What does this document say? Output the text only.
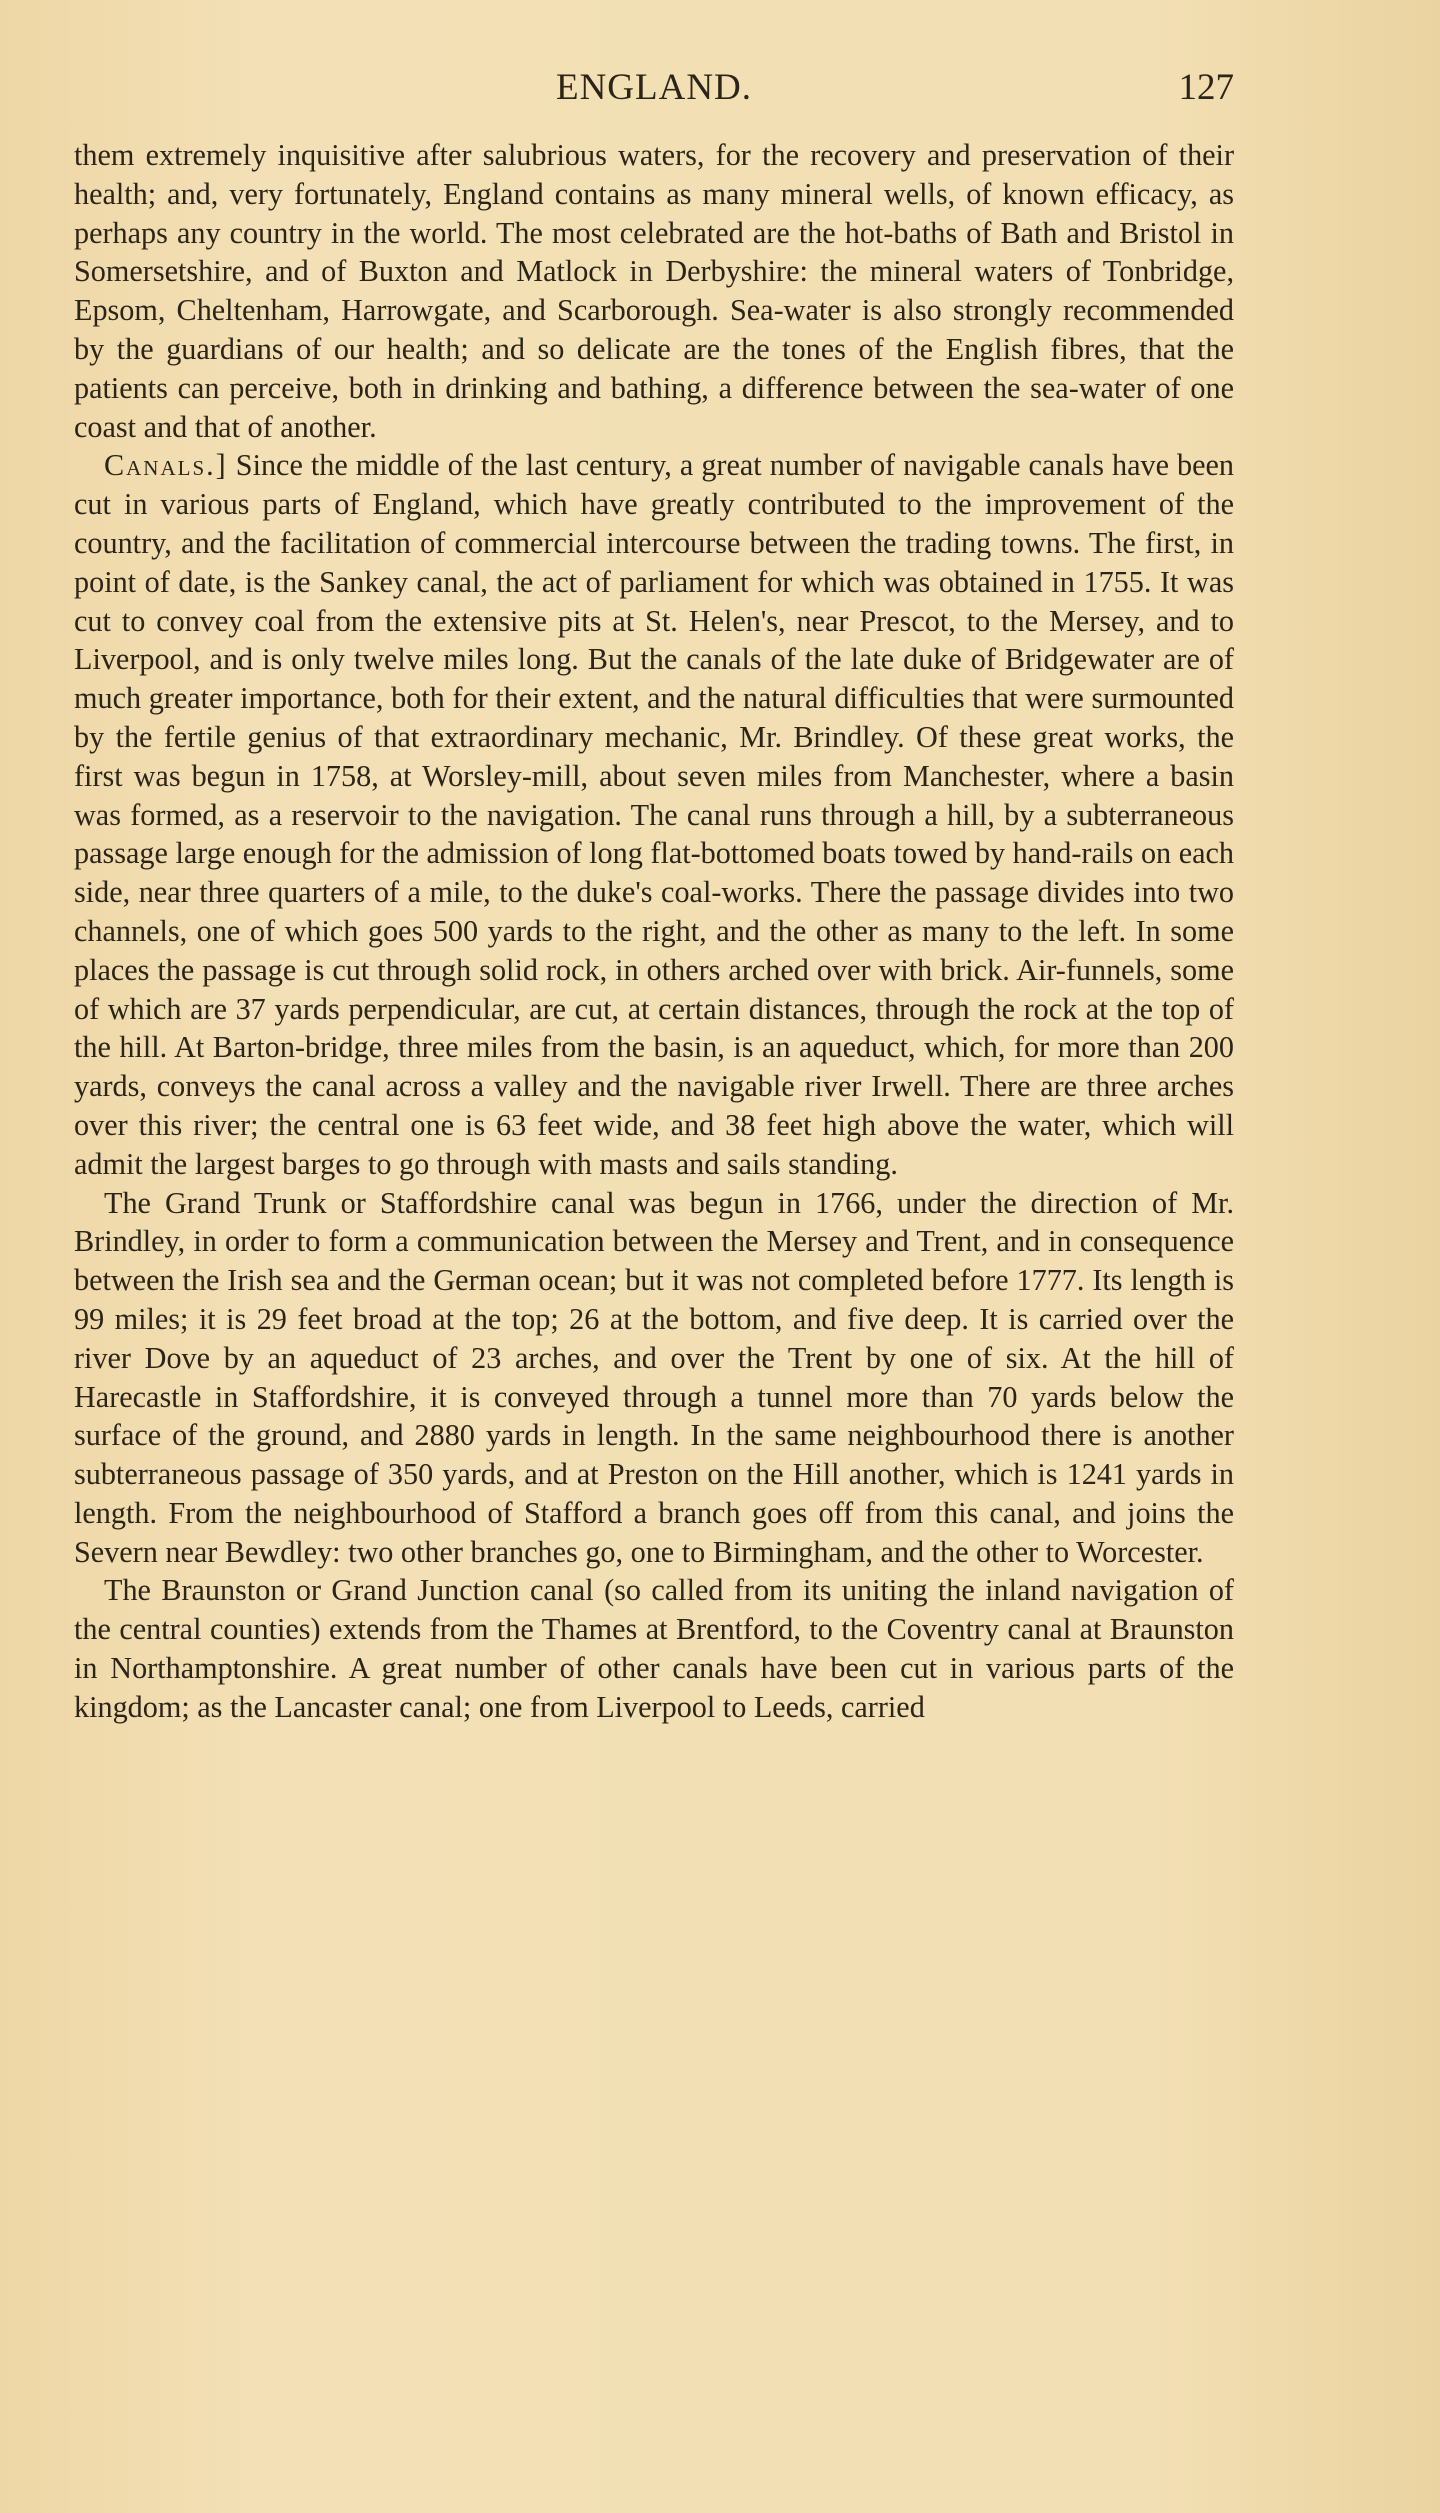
ENGLAND.	127

them extremely inquisitive after salubrious waters, for the recovery and preservation of their health; and, very fortunately, England contains as many mineral wells, of known efficacy, as perhaps any country in the world. The most celebrated are the hot-baths of Bath and Bristol in Somersetshire, and of Buxton and Matlock in Derbyshire: the mineral waters of Tonbridge, Epsom, Cheltenham, Harrowgate, and Scarborough. Sea-water is also strongly recommended by the guardians of our health; and so delicate are the tones of the English fibres, that the patients can perceive, both in drinking and bathing, a difference between the sea-water of one coast and that of another.

Canals.] Since the middle of the last century, a great number of navigable canals have been cut in various parts of England, which have greatly contributed to the improvement of the country, and the facilitation of commercial intercourse between the trading towns. The first, in point of date, is the Sankey canal, the act of parliament for which was obtained in 1755. It was cut to convey coal from the extensive pits at St. Helen's, near Prescot, to the Mersey, and to Liverpool, and is only twelve miles long. But the canals of the late duke of Bridgewater are of much greater importance, both for their extent, and the natural difficulties that were surmounted by the fertile genius of that extraordinary mechanic, Mr. Brindley. Of these great works, the first was begun in 1758, at Worsley-mill, about seven miles from Manchester, where a basin was formed, as a reservoir to the navigation. The canal runs through a hill, by a subterraneous passage large enough for the admission of long flat-bottomed boats towed by hand-rails on each side, near three quarters of a mile, to the duke's coal-works. There the passage divides into two channels, one of which goes 500 yards to the right, and the other as many to the left. In some places the passage is cut through solid rock, in others arched over with brick. Air-funnels, some of which are 37 yards perpendicular, are cut, at certain distances, through the rock at the top of the hill. At Barton-bridge, three miles from the basin, is an aqueduct, which, for more than 200 yards, conveys the canal across a valley and the navigable river Irwell. There are three arches over this river; the central one is 63 feet wide, and 38 feet high above the water, which will admit the largest barges to go through with masts and sails standing.

The Grand Trunk or Staffordshire canal was begun in 1766, under the direction of Mr. Brindley, in order to form a communication between the Mersey and Trent, and in consequence between the Irish sea and the German ocean; but it was not completed before 1777. Its length is 99 miles; it is 29 feet broad at the top; 26 at the bottom, and five deep. It is carried over the river Dove by an aqueduct of 23 arches, and over the Trent by one of six. At the hill of Harecastle in Staffordshire, it is conveyed through a tunnel more than 70 yards below the surface of the ground, and 2880 yards in length. In the same neighbourhood there is another subterraneous passage of 350 yards, and at Preston on the Hill another, which is 1241 yards in length. From the neighbourhood of Stafford a branch goes off from this canal, and joins the Severn near Bewdley: two other branches go, one to Birmingham, and the other to Worcester.

The Braunston or Grand Junction canal (so called from its uniting the inland navigation of the central counties) extends from the Thames at Brentford, to the Coventry canal at Braunston in Northamptonshire. A great number of other canals have been cut in various parts of the kingdom; as the Lancaster canal; one from Liverpool to Leeds, carried
